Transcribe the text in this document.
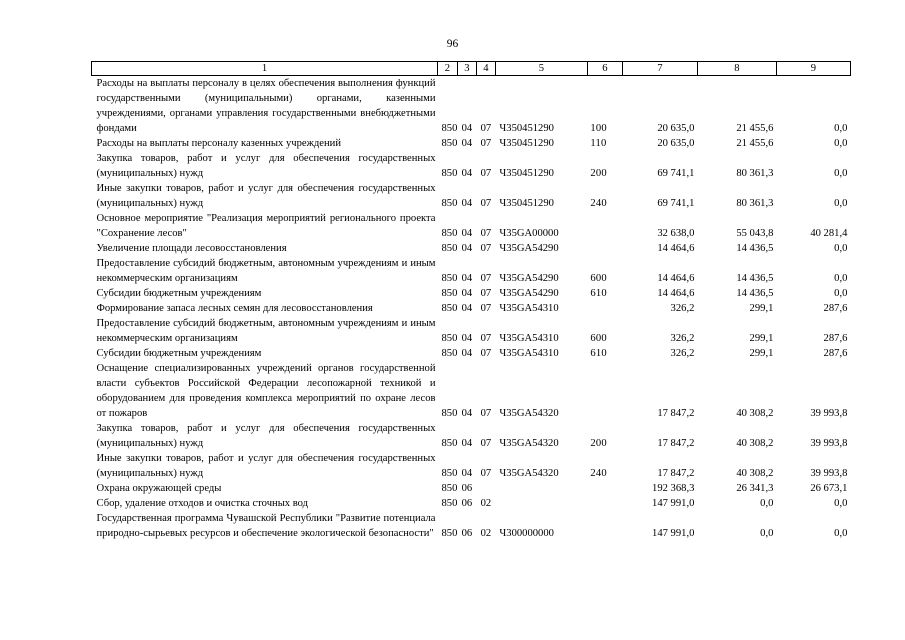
96
1	2	3	4	5	6	7	8	9
Расходы на выплаты персоналу в целях обеспечения выполнения функций государственными (муниципальными) органами, казенными учреждениями, органами управления государственными внебюджетными фондами	850	04	07	Ч350451290	100	20 635,0	21 455,6	0,0
Расходы на выплаты персоналу казенных учреждений	850	04	07	Ч350451290	110	20 635,0	21 455,6	0,0
Закупка товаров, работ и услуг для обеспечения государственных (муниципальных) нужд	850	04	07	Ч350451290	200	69 741,1	80 361,3	0,0
Иные закупки товаров, работ и услуг для обеспечения государственных (муниципальных) нужд	850	04	07	Ч350451290	240	69 741,1	80 361,3	0,0
Основное мероприятие "Реализация мероприятий регионального проекта "Сохранение лесов"	850	04	07	Ч35GA00000		32 638,0	55 043,8	40 281,4
Увеличение площади лесовосстановления	850	04	07	Ч35GA54290		14 464,6	14 436,5	0,0
Предоставление субсидий бюджетным, автономным учреждениям и иным некоммерческим организациям	850	04	07	Ч35GA54290	600	14 464,6	14 436,5	0,0
Субсидии бюджетным учреждениям	850	04	07	Ч35GA54290	610	14 464,6	14 436,5	0,0
Формирование запаса лесных семян для лесовосстановления	850	04	07	Ч35GA54310		326,2	299,1	287,6
Предоставление субсидий бюджетным, автономным учреждениям и иным некоммерческим организациям	850	04	07	Ч35GA54310	600	326,2	299,1	287,6
Субсидии бюджетным учреждениям	850	04	07	Ч35GA54310	610	326,2	299,1	287,6
Оснащение специализированных учреждений органов государственной власти субъектов Российской Федерации лесопожарной техникой и оборудованием для проведения комплекса мероприятий по охране лесов от пожаров	850	04	07	Ч35GA54320		17 847,2	40 308,2	39 993,8
Закупка товаров, работ и услуг для обеспечения государственных (муниципальных) нужд	850	04	07	Ч35GA54320	200	17 847,2	40 308,2	39 993,8
Иные закупки товаров, работ и услуг для обеспечения государственных (муниципальных) нужд	850	04	07	Ч35GA54320	240	17 847,2	40 308,2	39 993,8
Охрана окружающей среды	850	06				192 368,3	26 341,3	26 673,1
Сбор, удаление отходов и очистка сточных вод	850	06	02			147 991,0	0,0	0,0
Государственная программа Чувашской Республики "Развитие потенциала природно-сырьевых ресурсов и обеспечение экологической безопасности"	850	06	02	Ч300000000		147 991,0	0,0	0,0
